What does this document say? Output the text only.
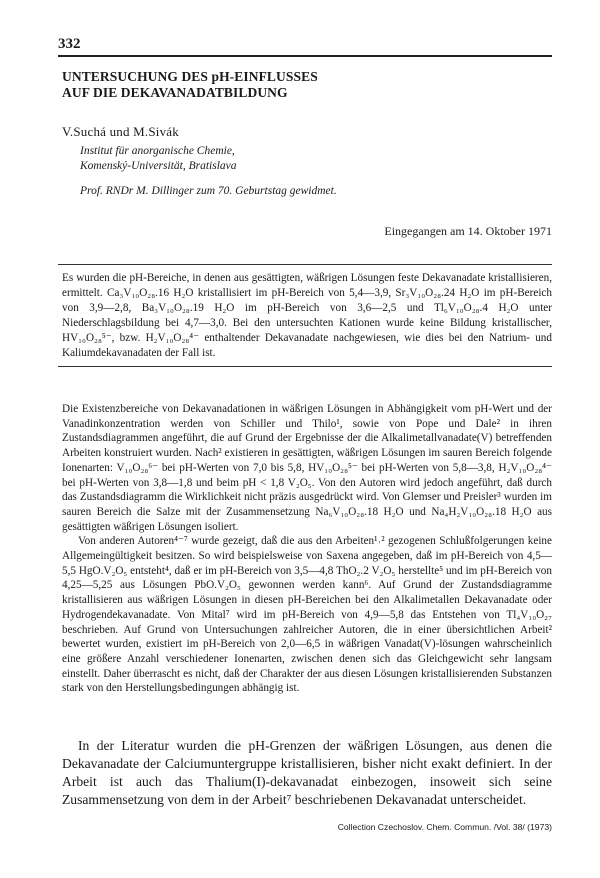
332
UNTERSUCHUNG DES pH-EINFLUSSES
AUF DIE DEKAVANADATBILDUNG
V.Suchá und M.Sivák
Institut für anorganische Chemie,
Komenský-Universität, Bratislava
Prof. RNDr M. Dillinger zum 70. Geburtstag gewidmet.
Eingegangen am 14. Oktober 1971
Es wurden die pH-Bereiche, in denen aus gesättigten, wäßrigen Lösungen feste Dekavanadate kristallisieren, ermittelt. Ca₃V₁₀O₂₈.16 H₂O kristallisiert im pH-Bereich von 5,4—3,9, Sr₃V₁₀O₂₈.24 H₂O im pH-Bereich von 3,9—2,8, Ba₃V₁₀O₂₈.19 H₂O im pH-Bereich von 3,6—2,5 und Tl₆V₁₀O₂₈.4 H₂O unter Niederschlagsbildung bei 4,7—3,0. Bei den untersuchten Kationen wurde keine Bildung kristallischer, HV₁₀O₂₈⁵⁻, bzw. H₂V₁₀O₂₈⁴⁻ enthaltender Dekavanadate nachgewiesen, wie dies bei den Natrium- und Kaliumdekavanadaten der Fall ist.

Die Existenzbereiche von Dekavanadationen in wäßrigen Lösungen in Abhängigkeit vom pH-Wert und der Vanadinkonzentration werden von Schiller und Thilo¹, sowie von Pope und Dale² in ihren Zustandsdiagrammen angeführt, die auf Grund der Ergebnisse der die Alkalimetallvanadate(V) betreffenden Arbeiten konstruiert wurden. Nach² existieren in gesättigten, wäßrigen Lösungen im sauren Bereich folgende Ionenarten: V₁₀O₂₈⁶⁻ bei pH-Werten von 7,0 bis 5,8, HV₁₀O₂₈⁵⁻ bei pH-Werten von 5,8—3,8, H₂V₁₀O₂₈⁴⁻ bei pH-Werten von 3,8—1,8 und beim pH < 1,8 V₂O₅. Von den Autoren wird jedoch angeführt, daß durch das Zustandsdiagramm die Wirklichkeit nicht präzis ausgedrückt wird. Von Glemser und Preisler³ wurden im sauren Bereich die Salze mit der Zusammensetzung Na₆V₁₀O₂₈.18 H₂O und Na₄H₂V₁₀O₂₈.18 H₂O aus gesättigten wäßrigen Lösungen isoliert.

Von anderen Autoren⁴⁻⁷ wurde gezeigt, daß die aus den Arbeiten¹˒² gezogenen Schlußfolgerungen keine Allgemeingültigkeit besitzen. So wird beispielsweise von Saxena angegeben, daß im pH-Bereich von 4,5—5,5 HgO.V₂O₅ entsteht⁴, daß er im pH-Bereich von 3,5—4,8 ThO₂.2 V₂O₅ herstellte⁵ und im pH-Bereich von 4,25—5,25 aus Lösungen PbO.V₂O₅ gewonnen werden kann⁶. Auf Grund der Zustandsdiagramme kristallisieren aus wäßrigen Lösungen in diesen pH-Bereichen bei den Alkalimetallen Dekavanadate oder Hydrogendekavanadate. Von Mital⁷ wird im pH-Bereich von 4,9—5,8 das Entstehen von Tl₄V₁₀O₂₇ beschrieben. Auf Grund von Untersuchungen zahlreicher Autoren, die in einer übersichtlichen Arbeit² bewertet wurden, existiert im pH-Bereich von 2,0—6,5 in wäßrigen Vanadat(V)-lösungen wahrscheinlich eine größere Anzahl verschiedener Ionenarten, zwischen denen sich das Gleichgewicht sehr langsam einstellt. Daher überrascht es nicht, daß der Charakter der aus diesen Lösungen kristallisierenden Substanzen stark von den Herstellungsbedingungen abhängig ist.

In der Literatur wurden die pH-Grenzen der wäßrigen Lösungen, aus denen die Dekavanadate der Calciumuntergruppe kristallisieren, bisher nicht exakt definiert. In der Arbeit ist auch das Thalium(I)-dekavanadat einbezogen, insoweit sich seine Zusammensetzung von dem in der Arbeit⁷ beschriebenen Dekavanadat unterscheidet.

Collection Czechoslov. Chem. Commun. /Vol. 38/ (1973)
